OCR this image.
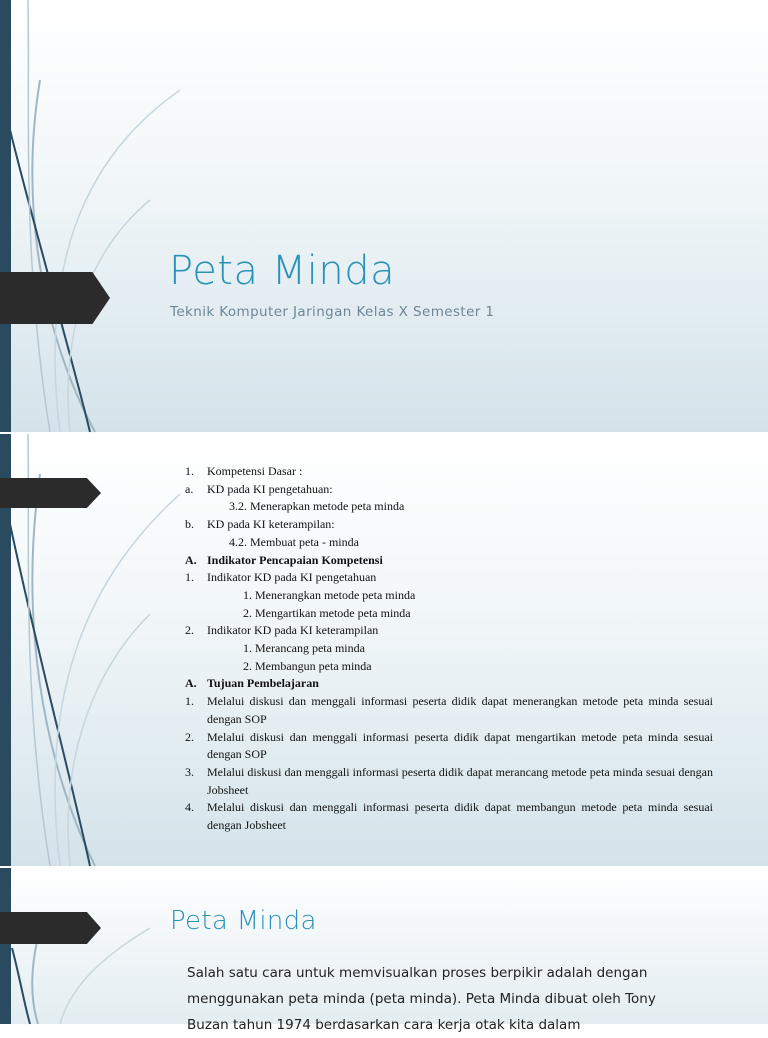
Peta Minda
Teknik Komputer Jaringan Kelas X Semester 1
1.	Kompetensi Dasar :
a.	KD pada KI pengetahuan:
3.2. Menerapkan metode peta minda
b.	KD pada KI keterampilan:
4.2. Membuat peta - minda
A. Indikator Pencapaian Kompetensi
1.	Indikator KD pada KI pengetahuan
1. Menerangkan metode peta minda
2. Mengartikan metode peta minda
2.	Indikator KD pada KI keterampilan
1. Merancang peta minda
2. Membangun peta minda
A. Tujuan Pembelajaran
1.	Melalui diskusi dan menggali informasi peserta didik dapat menerangkan metode peta minda sesuai dengan SOP
2.	Melalui diskusi dan menggali informasi peserta didik dapat mengartikan metode peta minda sesuai dengan SOP
3.	Melalui diskusi dan menggali informasi peserta didik dapat merancang metode peta minda sesuai dengan Jobsheet
4.	Melalui diskusi dan menggali informasi peserta didik dapat membangun metode peta minda sesuai dengan Jobsheet
Peta Minda
Salah satu cara untuk memvisualkan proses berpikir adalah dengan menggunakan peta minda (peta minda). Peta Minda dibuat oleh Tony Buzan tahun 1974 berdasarkan cara kerja otak kita dalam
